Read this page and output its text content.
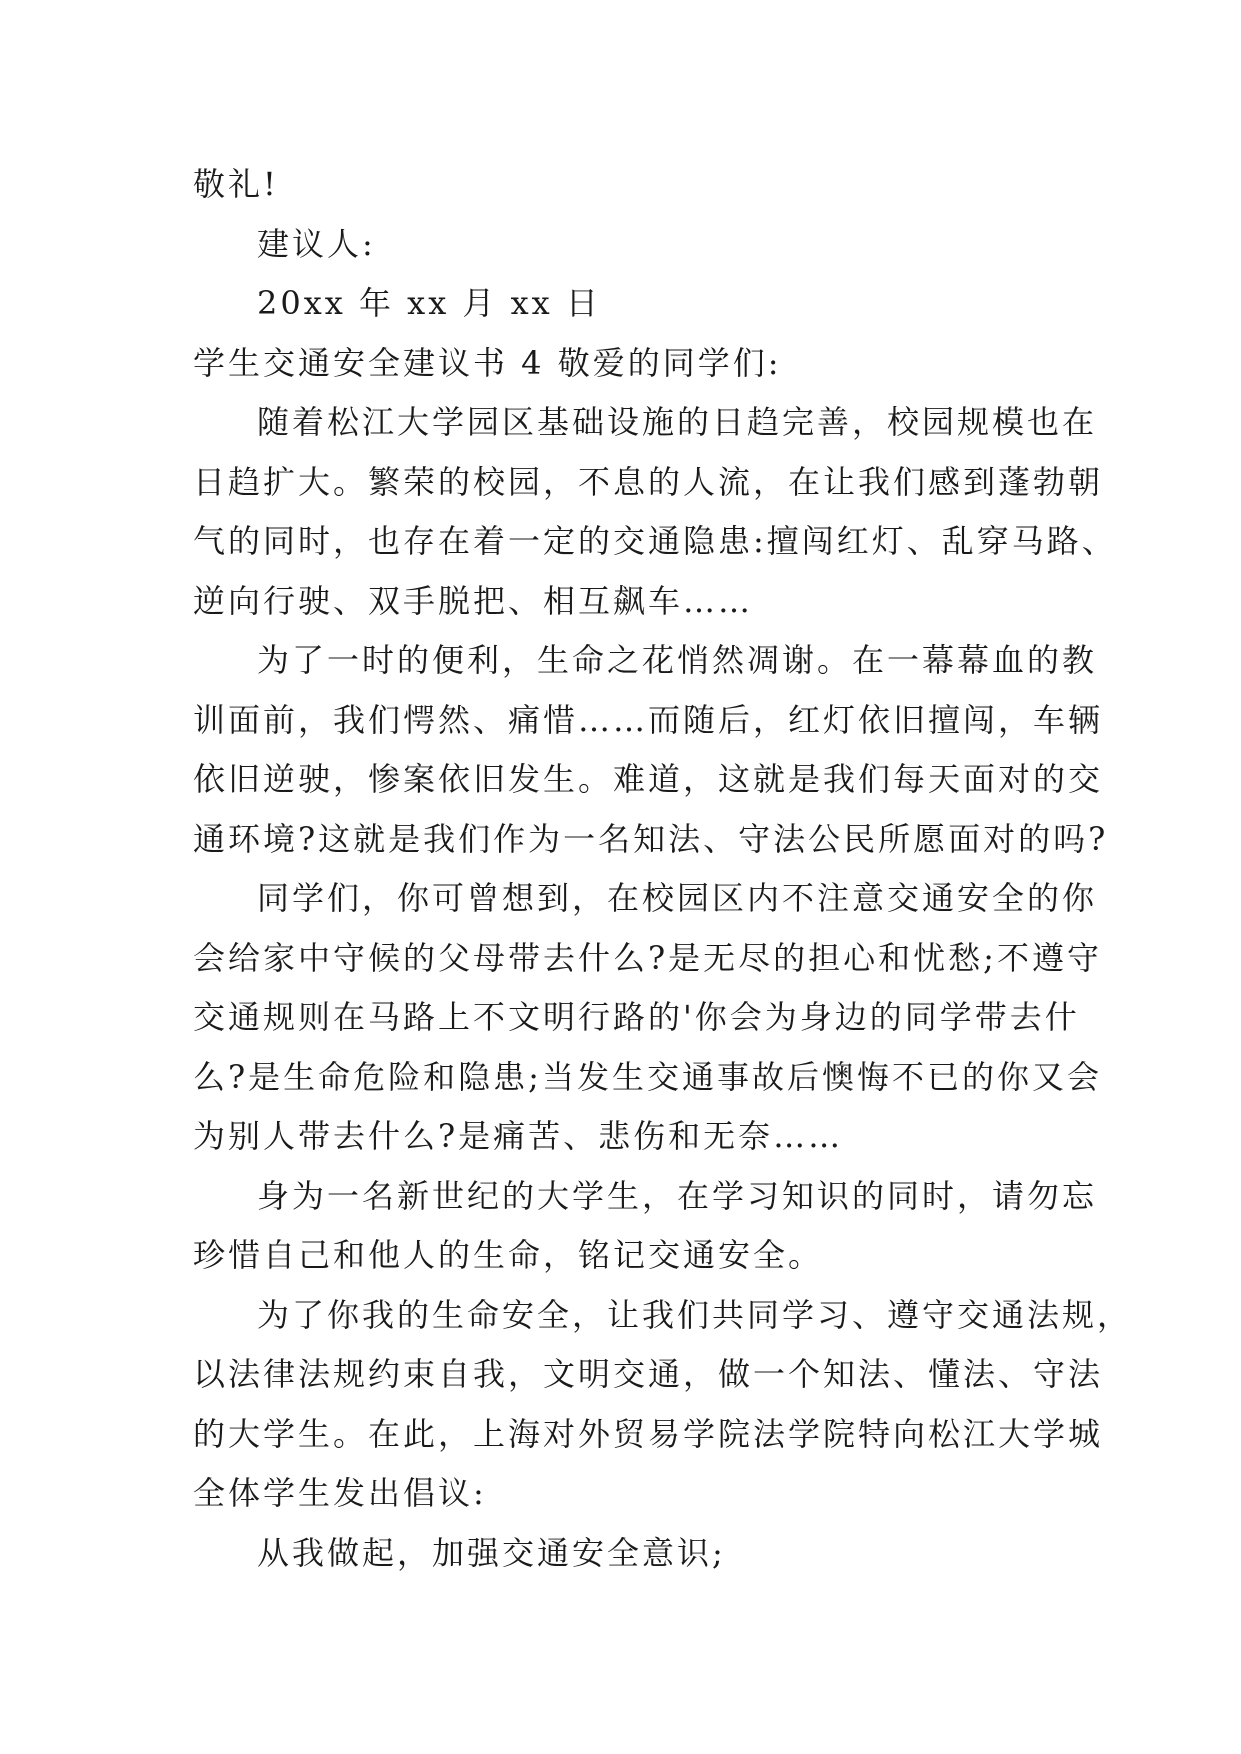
敬礼!
建议人:
20xx 年 xx 月 xx 日
学生交通安全建议书 4 敬爱的同学们:
随着松江大学园区基础设施的日趋完善，校园规模也在
日趋扩大。繁荣的校园，不息的人流，在让我们感到蓬勃朝
气的同时，也存在着一定的交通隐患:擅闯红灯、乱穿马路、
逆向行驶、双手脱把、相互飙车……
为了一时的便利，生命之花悄然凋谢。在一幕幕血的教
训面前，我们愕然、痛惜……而随后，红灯依旧擅闯，车辆
依旧逆驶，惨案依旧发生。难道，这就是我们每天面对的交
通环境?这就是我们作为一名知法、守法公民所愿面对的吗?
同学们，你可曾想到，在校园区内不注意交通安全的你
会给家中守候的父母带去什么?是无尽的担心和忧愁;不遵守
交通规则在马路上不文明行路的'你会为身边的同学带去什
么?是生命危险和隐患;当发生交通事故后懊悔不已的你又会
为别人带去什么?是痛苦、悲伤和无奈……
身为一名新世纪的大学生，在学习知识的同时，请勿忘
珍惜自己和他人的生命，铭记交通安全。
为了你我的生命安全，让我们共同学习、遵守交通法规，
以法律法规约束自我，文明交通，做一个知法、懂法、守法
的大学生。在此，上海对外贸易学院法学院特向松江大学城
全体学生发出倡议:
从我做起，加强交通安全意识;
